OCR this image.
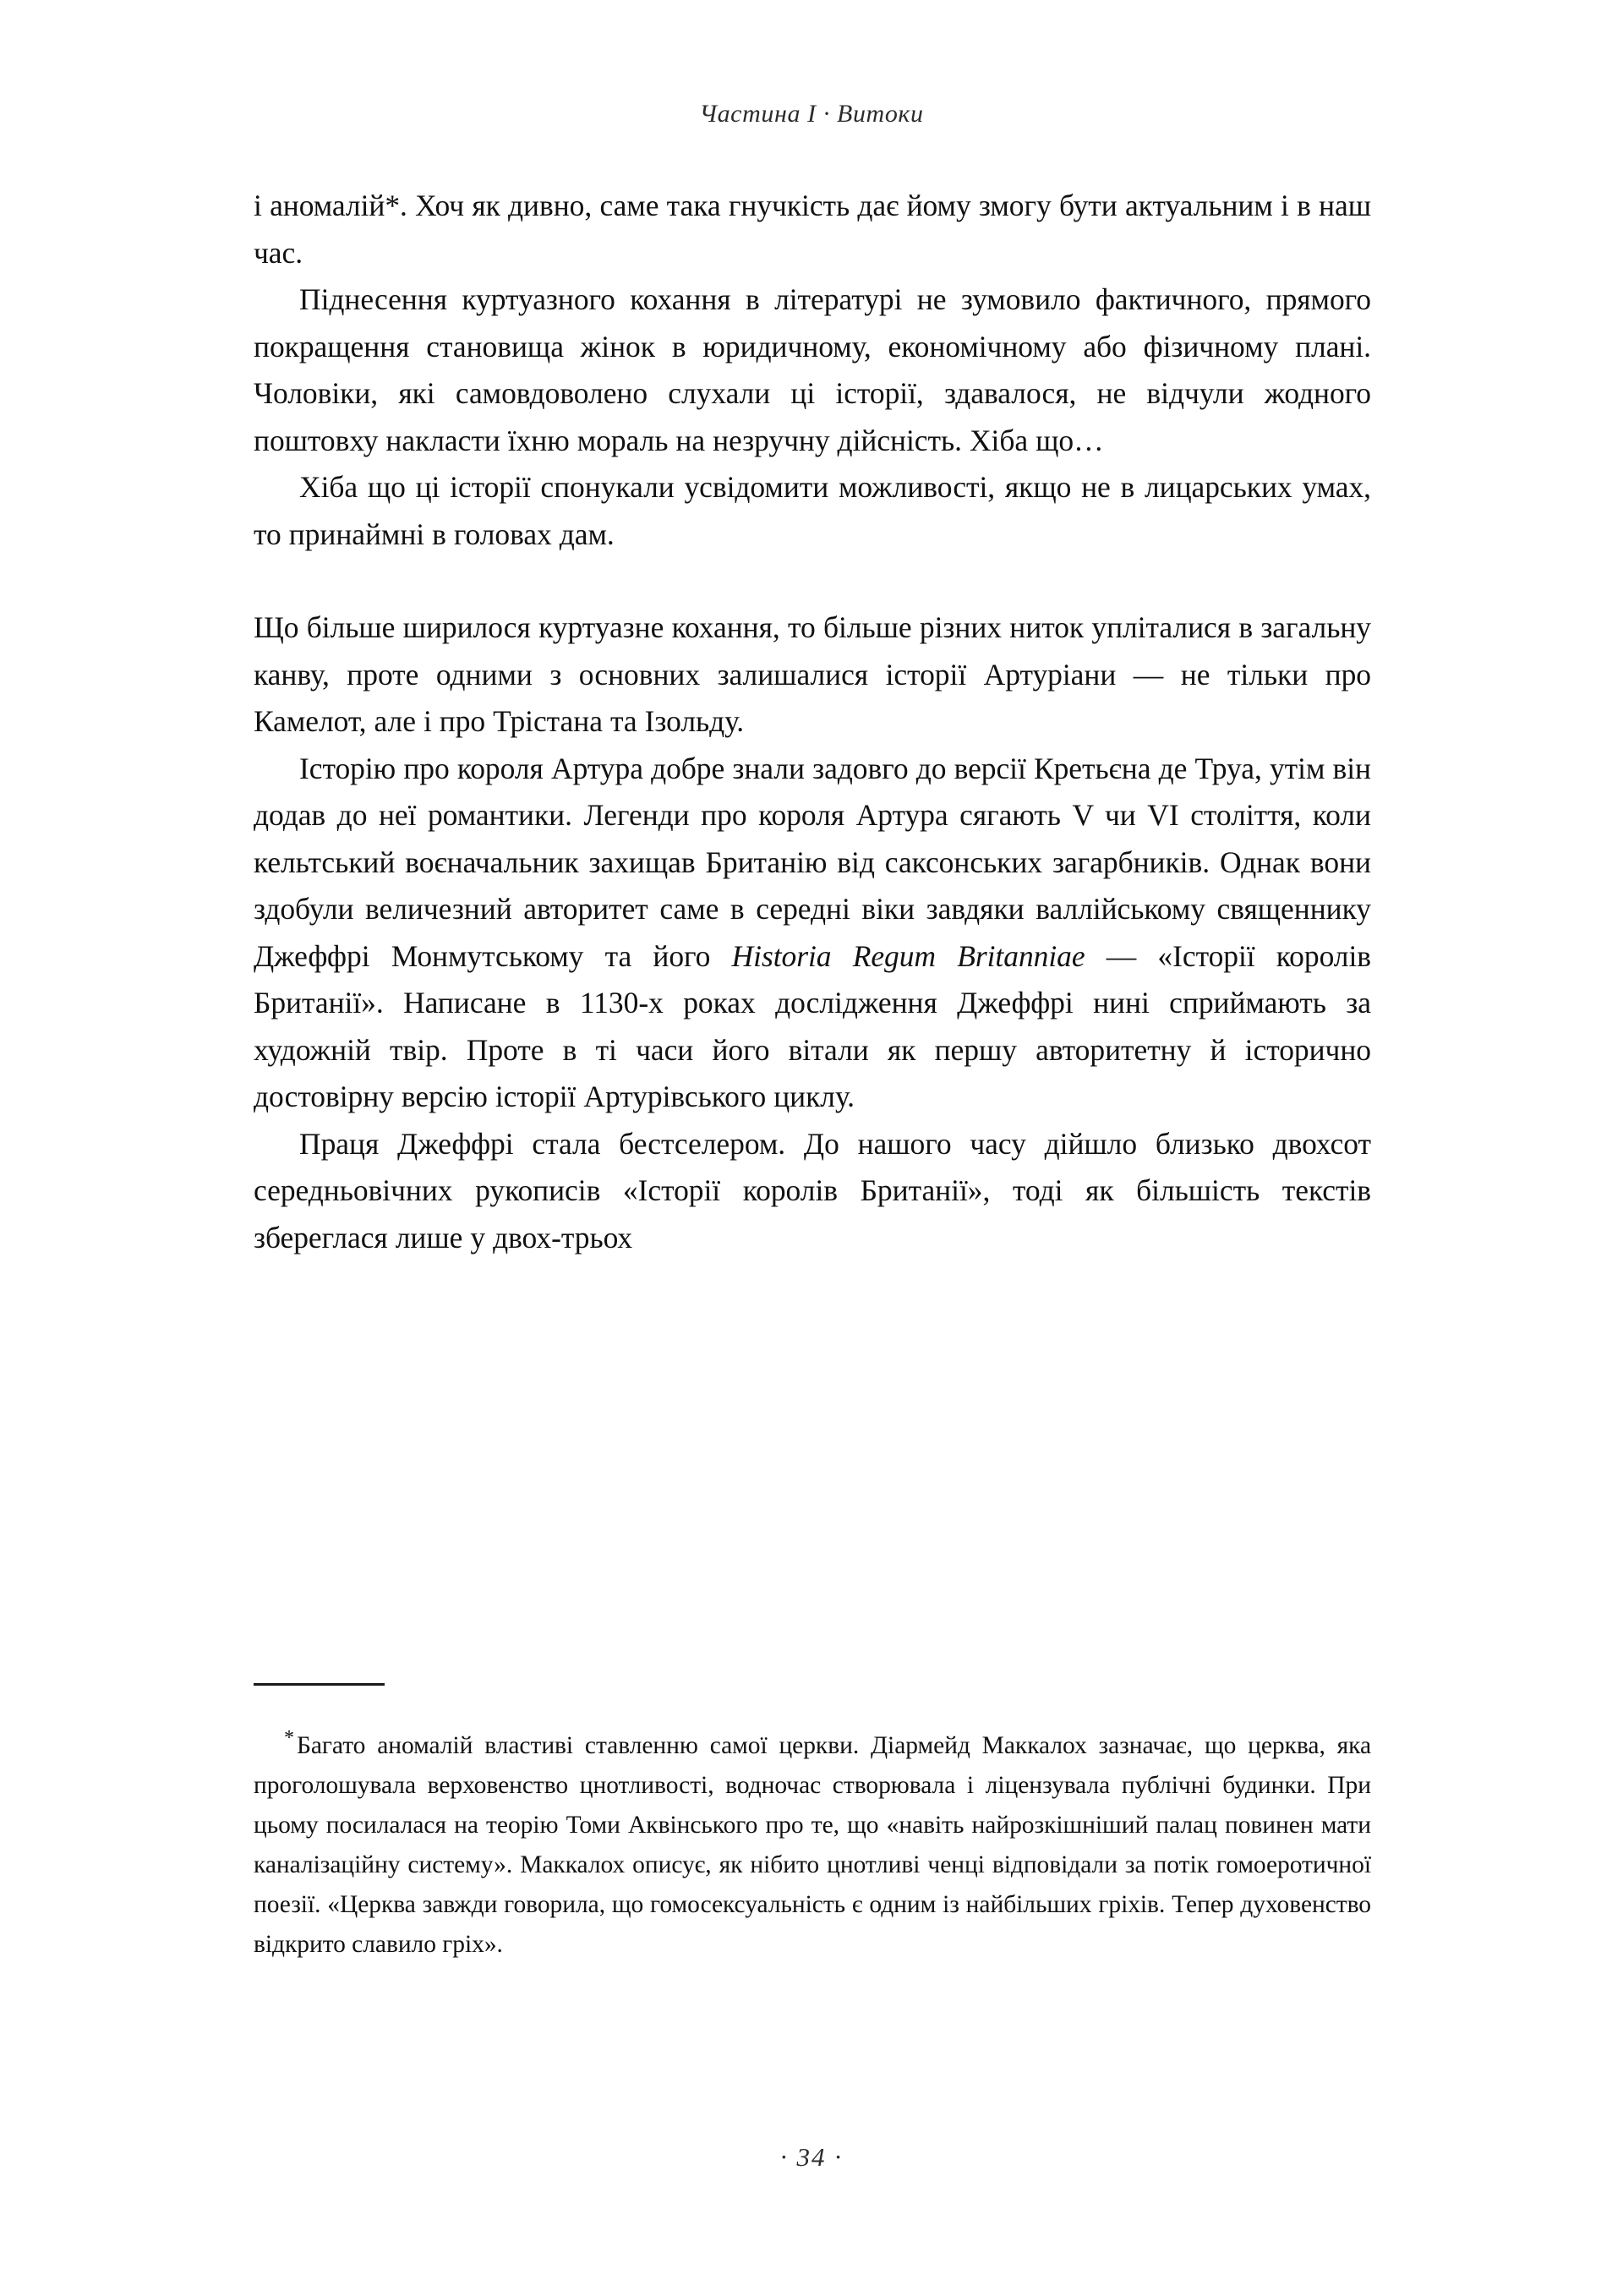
Частина I · Витоки

і аномалій*. Хоч як дивно, саме така гнучкість дає йому змогу бути актуальним і в наш час.

Піднесення куртуазного кохання в літературі не зумовило фактичного, прямого покращення становища жінок в юридичному, економічному або фізичному плані. Чоловіки, які самовдоволено слухали ці історії, здавалося, не відчули жодного поштовху накласти їхню мораль на незручну дійсність. Хіба що…

Хіба що ці історії спонукали усвідомити можливості, якщо не в лицарських умах, то принаймні в головах дам.

Що більше ширилося куртуазне кохання, то більше різних ниток упліталися в загальну канву, проте одними з основних залишалися історії Артуріани — не тільки про Камелот, але і про Трістана та Ізольду.

Історію про короля Артура добре знали задовго до версії Кретьєна де Труа, утім він додав до неї романтики. Легенди про короля Артура сягають V чи VI століття, коли кельтський воєначальник захищав Британію від саксонських загарбників. Однак вони здобули величезний авторитет саме в середні віки завдяки валлійському священнику Джеффрі Монмутському та його Historia Regum Britanniae — «Історії королів Британії». Написане в 1130-х роках дослідження Джеффрі нині сприймають за художній твір. Проте в ті часи його вітали як першу авторитетну й історично достовірну версію історії Артурівського циклу.

Праця Джеффрі стала бестселером. До нашого часу дійшло близько двохсот середньовічних рукописів «Історії королів Британії», тоді як більшість текстів збереглася лише у двох-трьох

* Багато аномалій властиві ставленню самої церкви. Діармейд Маккалох зазначає, що церква, яка проголошувала верховенство цнотливості, водночас створювала і ліцензувала публічні будинки. При цьому посилалася на теорію Томи Аквінського про те, що «навіть найрозкішніший палац повинен мати каналізаційну систему». Маккалох описує, як нібито цнотливі ченці відповідали за потік гомоеротичної поезії. «Церква завжди говорила, що гомосексуальність є одним із найбільших гріхів. Тепер духовенство відкрито славило гріх».

· 34 ·
